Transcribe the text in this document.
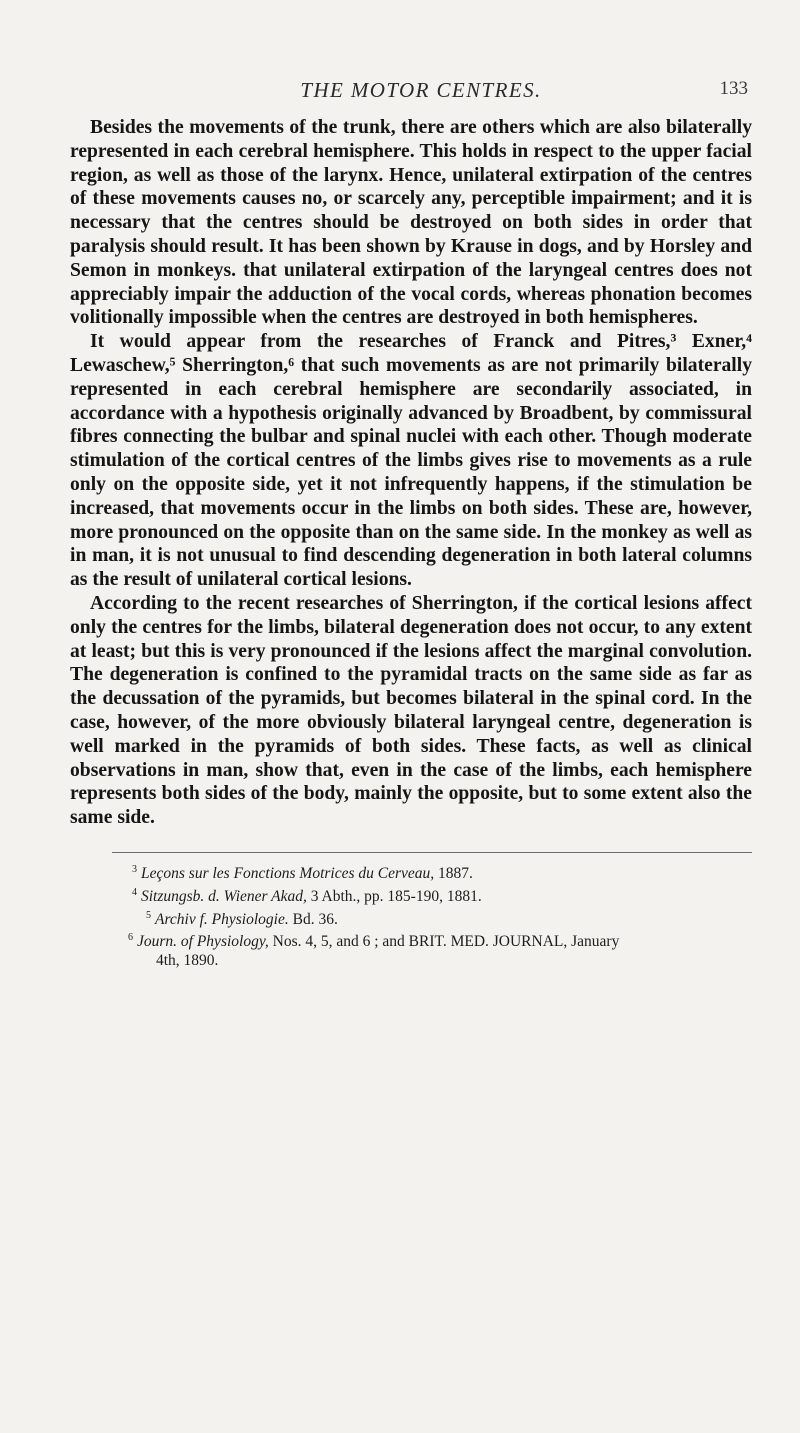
THE MOTOR CENTRES.	133

Besides the movements of the trunk, there are others which are also bilaterally represented in each cerebral hemisphere. This holds in respect to the upper facial region, as well as those of the larynx. Hence, unilateral extirpation of the centres of these movements causes no, or scarcely any, perceptible impairment; and it is necessary that the centres should be destroyed on both sides in order that paralysis should result. It has been shown by Krause in dogs, and by Horsley and Semon in monkeys. that unilateral extirpation of the laryngeal centres does not appreciably impair the adduction of the vocal cords, whereas phonation becomes volitionally impossible when the centres are destroyed in both hemispheres.

It would appear from the researches of Franck and Pitres,³ Exner,⁴ Lewaschew,⁵ Sherrington,⁶ that such movements as are not primarily bilaterally represented in each cerebral hemisphere are secondarily associated, in accordance with a hypothesis originally advanced by Broadbent, by commissural fibres connecting the bulbar and spinal nuclei with each other. Though moderate stimulation of the cortical centres of the limbs gives rise to movements as a rule only on the opposite side, yet it not infrequently happens, if the stimulation be increased, that movements occur in the limbs on both sides. These are, however, more pronounced on the opposite than on the same side. In the monkey as well as in man, it is not unusual to find descending degeneration in both lateral columns as the result of unilateral cortical lesions.

According to the recent researches of Sherrington, if the cortical lesions affect only the centres for the limbs, bilateral degeneration does not occur, to any extent at least; but this is very pronounced if the lesions affect the marginal convolution. The degeneration is confined to the pyramidal tracts on the same side as far as the decussation of the pyramids, but becomes bilateral in the spinal cord. In the case, however, of the more obviously bilateral laryngeal centre, degeneration is well marked in the pyramids of both sides. These facts, as well as clinical observations in man, show that, even in the case of the limbs, each hemisphere represents both sides of the body, mainly the opposite, but to some extent also the same side.

$^3$ Leçons sur les Fonctions Motrices du Cerveau, 1887.
$^4$ Sitzungsb. d. Wiener Akad, 3 Abth., pp. 185-190, 1881.
$^5$ Archiv f. Physiologie. Bd. 36.
$^6$ Journ. of Physiology, Nos. 4, 5, and 6 ; and BRIT. MED. JOURNAL, January
4th, 1890.
